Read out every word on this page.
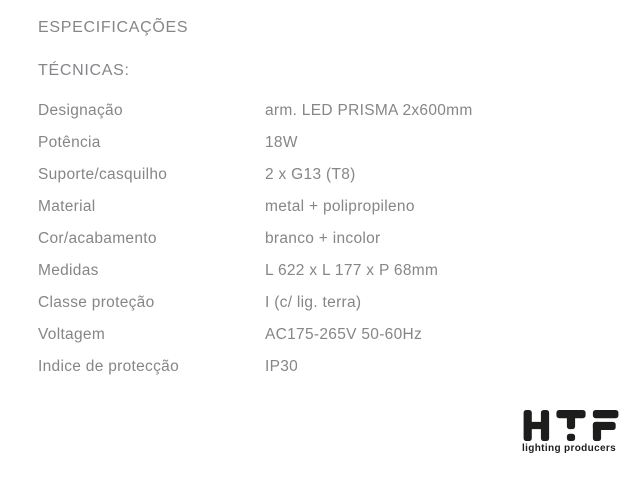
ESPECIFICAÇÕES
TÉCNICAS:
Designação	arm. LED PRISMA 2x600mm
Potência	18W
Suporte/casquilho	2 x G13 (T8)
Material	metal + polipropileno
Cor/acabamento	branco + incolor
Medidas	L 622 x L 177 x P 68mm
Classe proteção	I (c/ lig. terra)
Voltagem	AC175-265V 50-60Hz
Indice de protecção	IP30
lighting producers
